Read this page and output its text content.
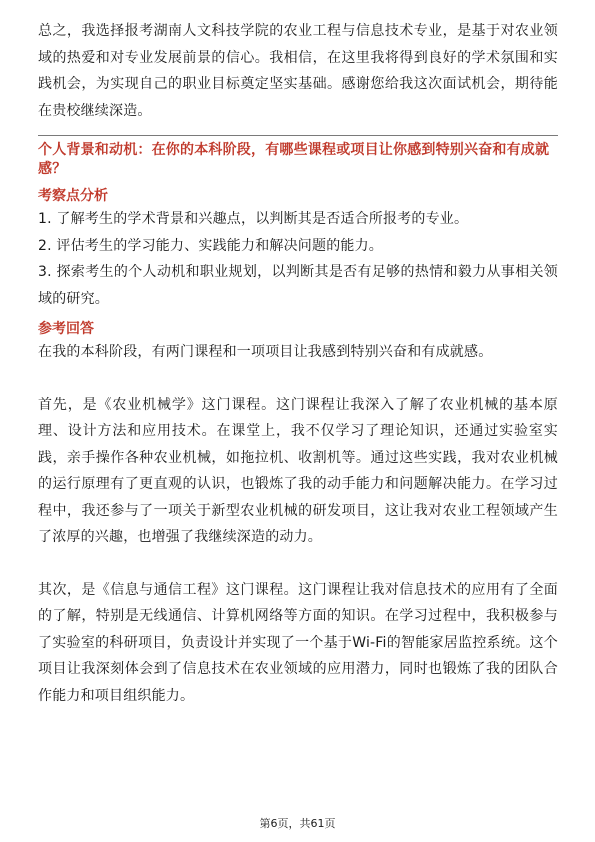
总之，我选择报考湖南人文科技学院的农业工程与信息技术专业，是基于对农业领域的热爱和对专业发展前景的信心。我相信，在这里我将得到良好的学术氛围和实践机会，为实现自己的职业目标奠定坚实基础。感谢您给我这次面试机会，期待能在贵校继续深造。

个人背景和动机：在你的本科阶段，有哪些课程或项目让你感到特别兴奋和有成就感？

考察点分析
1. 了解考生的学术背景和兴趣点，以判断其是否适合所报考的专业。
2. 评估考生的学习能力、实践能力和解决问题的能力。
3. 探索考生的个人动机和职业规划，以判断其是否有足够的热情和毅力从事相关领域的研究。
参考回答

在我的本科阶段，有两门课程和一项项目让我感到特别兴奋和有成就感。

首先，是《农业机械学》这门课程。这门课程让我深入了解了农业机械的基本原理、设计方法和应用技术。在课堂上，我不仅学习了理论知识，还通过实验室实践，亲手操作各种农业机械，如拖拉机、收割机等。通过这些实践，我对农业机械的运行原理有了更直观的认识，也锻炼了我的动手能力和问题解决能力。在学习过程中，我还参与了一项关于新型农业机械的研发项目，这让我对农业工程领域产生了浓厚的兴趣，也增强了我继续深造的动力。

其次，是《信息与通信工程》这门课程。这门课程让我对信息技术的应用有了全面的了解，特别是无线通信、计算机网络等方面的知识。在学习过程中，我积极参与了实验室的科研项目，负责设计并实现了一个基于Wi-Fi的智能家居监控系统。这个项目让我深刻体会到了信息技术在农业领域的应用潜力，同时也锻炼了我的团队合作能力和项目组织能力。

第6页，共61页
